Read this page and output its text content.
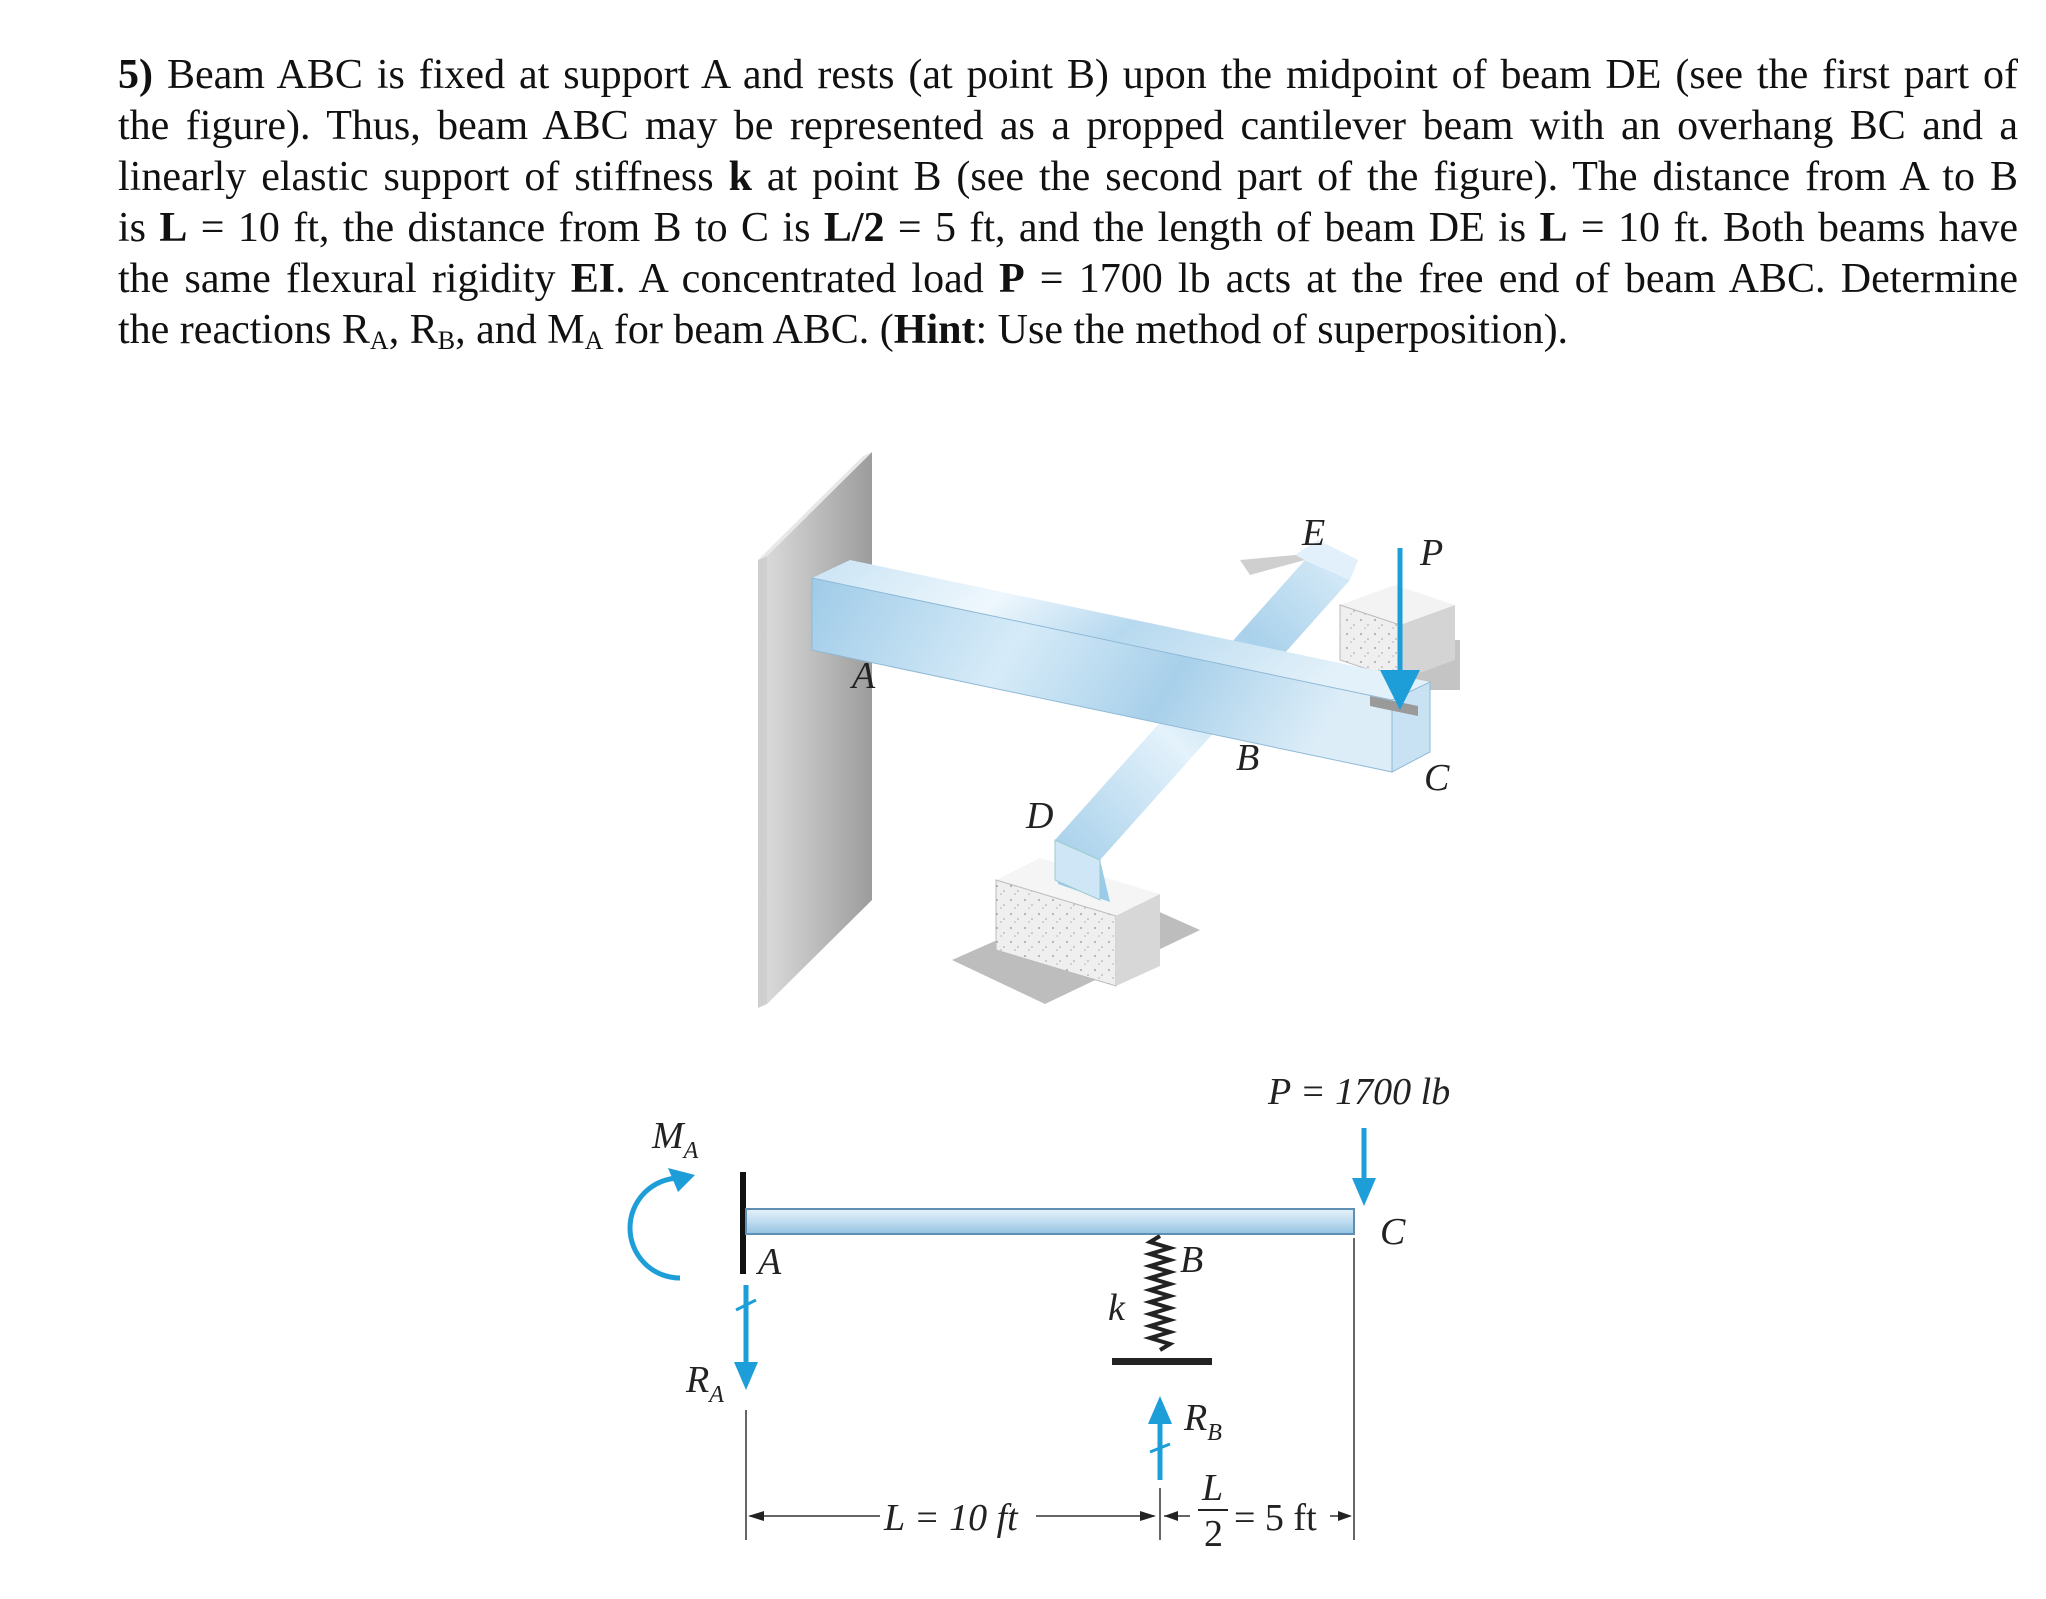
5) Beam ABC is fixed at support A and rests (at point B) upon the midpoint of beam DE (see the first part of
the figure). Thus, beam ABC may be represented as a propped cantilever beam with an overhang BC and a
linearly elastic support of stiffness k at point B (see the second part of the figure). The distance from A to B
is L = 10 ft, the distance from B to C is L/2 = 5 ft, and the length of beam DE is L = 10 ft. Both beams have
the same flexural rigidity EI. A concentrated load P = 1700 lb acts at the free end of beam ABC. Determine
the reactions $R_A$, $R_B$, and $M_A$ for beam ABC. (Hint: Use the method of superposition).
A
B	C
D
E P
$M_A$
$R_A$
A
k
B
$R_B$
P = 1700 lb
C
L = 10 ft
L
2 = 5 ft
